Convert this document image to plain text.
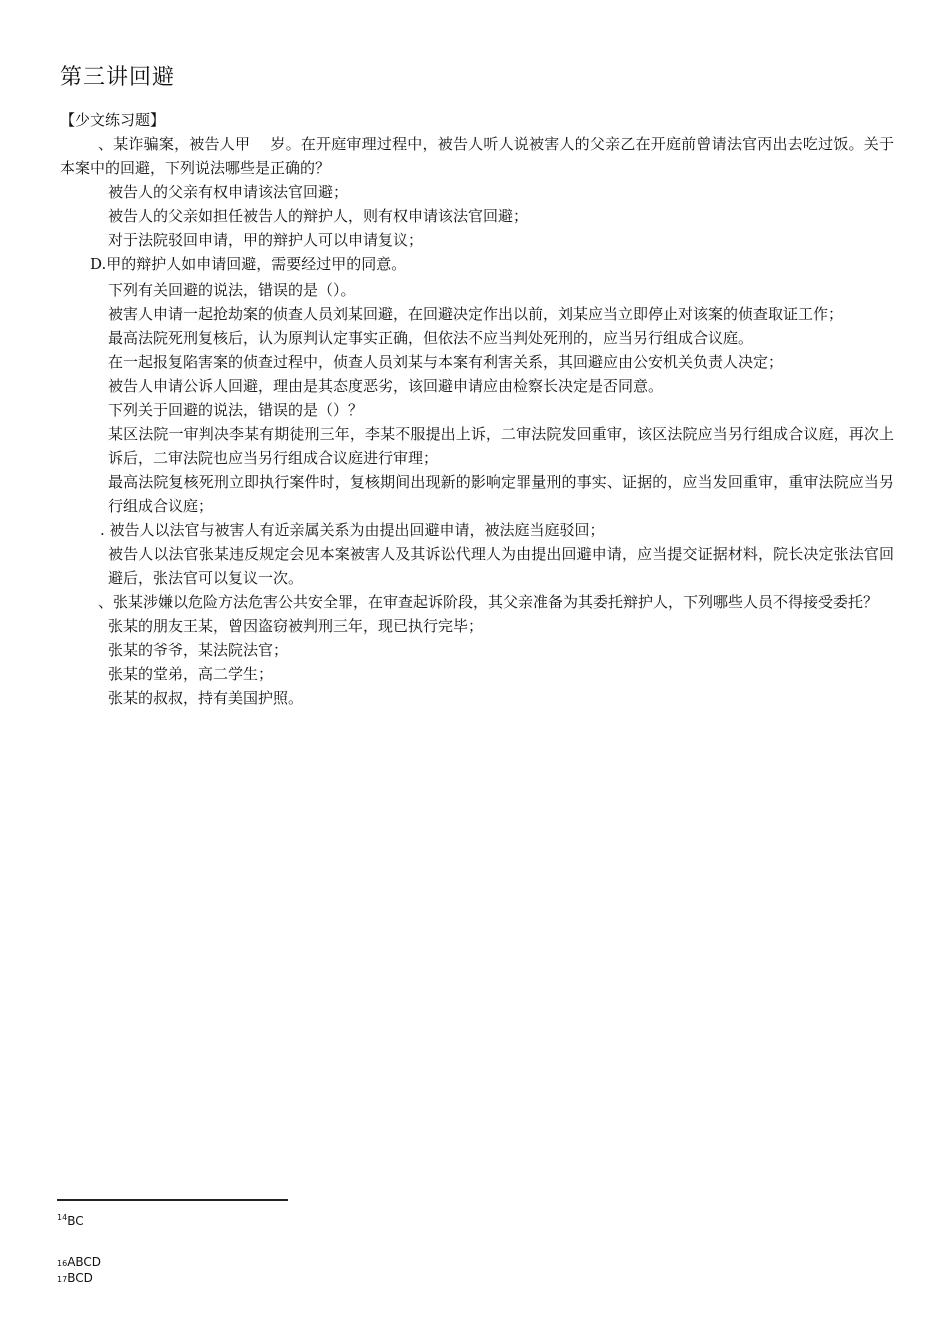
第三讲回避

【少文练习题】

、某诈骗案，被告人甲　 岁。在开庭审理过程中，被告人听人说被害人的父亲乙在开庭前曾请法官丙出去吃过饭。关于本案中的回避，下列说法哪些是正确的？

被告人的父亲有权申请该法官回避；

被告人的父亲如担任被告人的辩护人，则有权申请该法官回避；

对于法院驳回申请，甲的辩护人可以申请复议；

D.甲的辩护人如申请回避，需要经过甲的同意。

下列有关回避的说法，错误的是（）。

被害人申请一起抢劫案的侦查人员刘某回避，在回避决定作出以前，刘某应当立即停止对该案的侦查取证工作；

最高法院死刑复核后，认为原判认定事实正确，但依法不应当判处死刑的，应当另行组成合议庭。

在一起报复陷害案的侦查过程中，侦查人员刘某与本案有利害关系，其回避应由公安机关负责人决定；

被告人申请公诉人回避，理由是其态度恶劣，该回避申请应由检察长决定是否同意。

下列关于回避的说法，错误的是（）？

某区法院一审判决李某有期徒刑三年，李某不服提出上诉，二审法院发回重审，该区法院应当另行组成合议庭，再次上诉后，二审法院也应当另行组成合议庭进行审理；

最高法院复核死刑立即执行案件时，复核期间出现新的影响定罪量刑的事实、证据的，应当发回重审，重审法院应当另行组成合议庭；

. 被告人以法官与被害人有近亲属关系为由提出回避申请，被法庭当庭驳回；

被告人以法官张某违反规定会见本案被害人及其诉讼代理人为由提出回避申请，应当提交证据材料，院长决定张法官回避后，张法官可以复议一次。

、张某涉嫌以危险方法危害公共安全罪，在审查起诉阶段，其父亲准备为其委托辩护人，下列哪些人员不得接受委托？

张某的朋友王某，曾因盗窃被判刑三年，现已执行完毕；

张某的爷爷，某法院法官；

张某的堂弟，高二学生；

张某的叔叔，持有美国护照。

$^{14}$BC
16ABCD
17BCD
